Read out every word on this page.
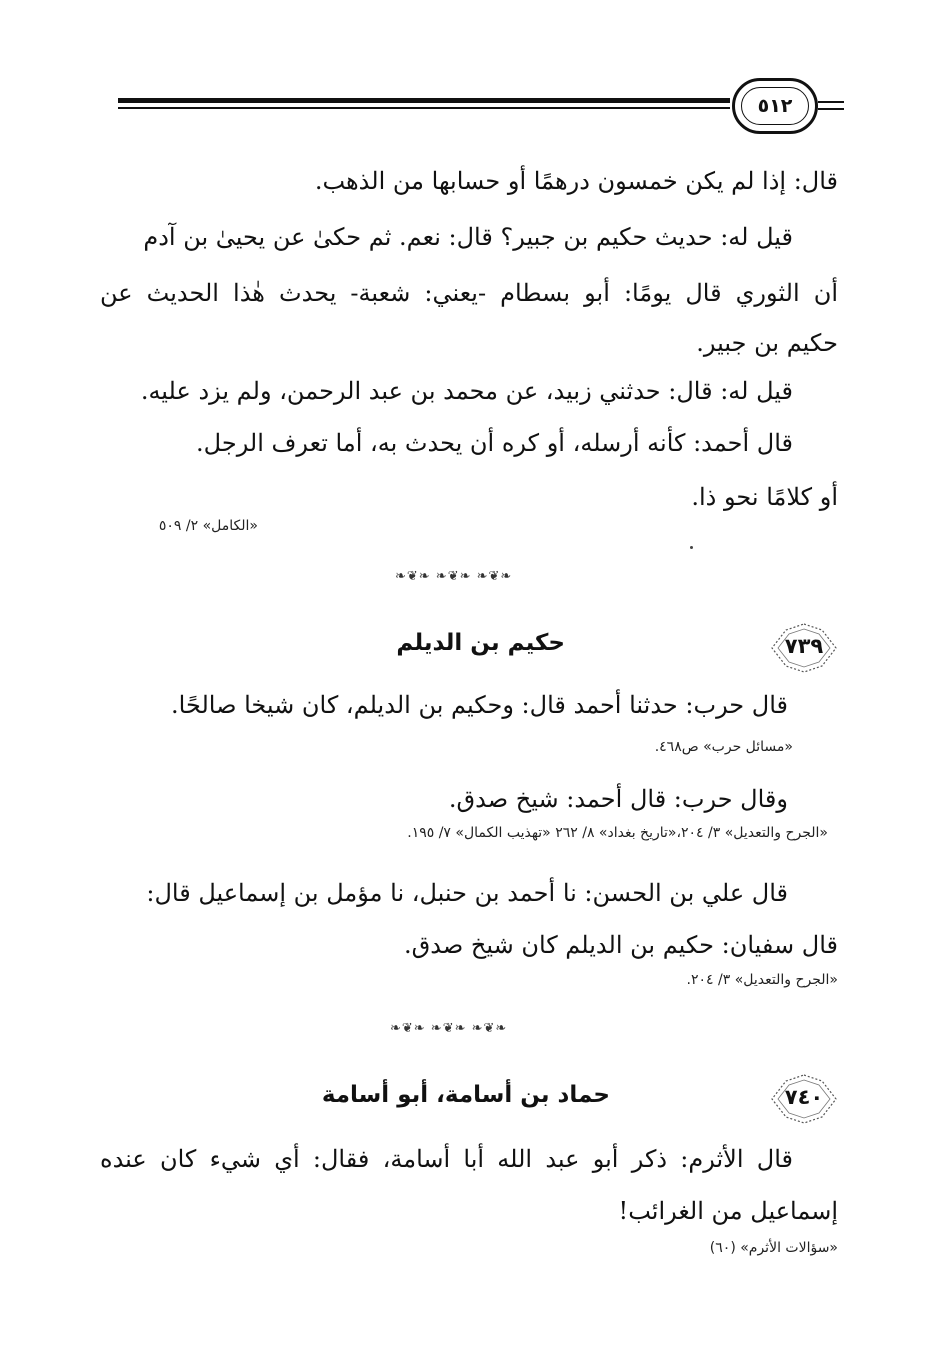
٥١٢
قال: إذا لم يكن خمسون درهمًا أو حسابها من الذهب.
قيل له: حديث حكيم بن جبير؟ قال: نعم. ثم حكىٰ عن يحيىٰ بن آدم
أن الثوري قال يومًا: أبو بسطام -يعني: شعبة- يحدث هٰذا الحديث عن
حكيم بن جبير.
قيل له: قال: حدثني زبيد، عن محمد بن عبد الرحمن، ولم يزد عليه.
قال أحمد: كأنه أرسله، أو كره أن يحدث به، أما تعرف الرجل.
أو كلامًا نحو ذا.
«الكامل» ٢/ ٥٠٩
❧❦❧ ❧❦❧ ❧❦❧
٧٣٩
حكيم بن الديلم
قال حرب: حدثنا أحمد قال: وحكيم بن الديلم، كان شيخا صالحًا.
«مسائل حرب» ص٤٦٨.
وقال حرب: قال أحمد: شيخ صدق.
«الجرح والتعديل» ٣/ ٢٠٤،«تاريخ بغداد» ٨/ ٢٦٢ «تهذيب الكمال» ٧/ ١٩٥.
قال علي بن الحسن: نا أحمد بن حنبل، نا مؤمل بن إسماعيل قال:
قال سفيان: حكيم بن الديلم كان شيخ صدق.
«الجرح والتعديل» ٣/ ٢٠٤.
❧❦❧ ❧❦❧ ❧❦❧
٧٤٠
حماد بن أسامة، أبو أسامة
قال الأثرم: ذكر أبو عبد الله أبا أسامة، فقال: أي شيء كان عنده
إسماعيل من الغرائب!
«سؤالات الأثرم» (٦٠)
